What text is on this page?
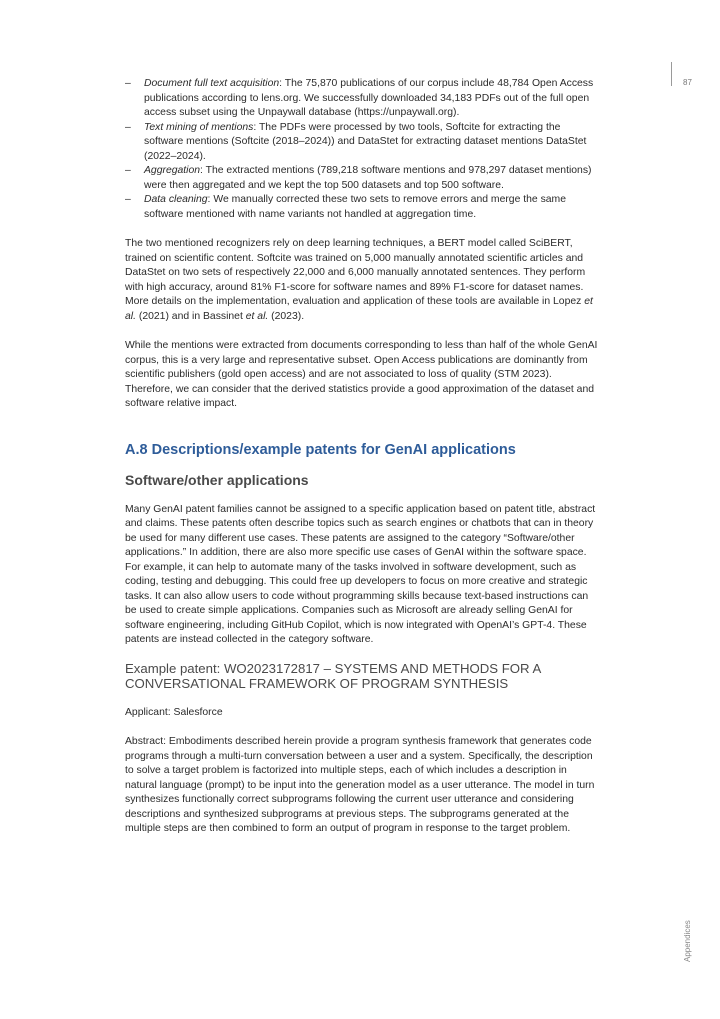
87
Appendices
– Document full text acquisition: The 75,870 publications of our corpus include 48,784 Open Access publications according to lens.org. We successfully downloaded 34,183 PDFs out of the full open access subset using the Unpaywall database (https://unpaywall.org).
– Text mining of mentions: The PDFs were processed by two tools, Softcite for extracting the software mentions (Softcite (2018–2024)) and DataStet for extracting dataset mentions DataStet (2022–2024).
– Aggregation: The extracted mentions (789,218 software mentions and 978,297 dataset mentions) were then aggregated and we kept the top 500 datasets and top 500 software.
– Data cleaning: We manually corrected these two sets to remove errors and merge the same software mentioned with name variants not handled at aggregation time.

The two mentioned recognizers rely on deep learning techniques, a BERT model called SciBERT, trained on scientific content. Softcite was trained on 5,000 manually annotated scientific articles and DataStet on two sets of respectively 22,000 and 6,000 manually annotated sentences. They perform with high accuracy, around 81% F1-score for software names and 89% F1-score for dataset names. More details on the implementation, evaluation and application of these tools are available in Lopez et al. (2021) and in Bassinet et al. (2023).

While the mentions were extracted from documents corresponding to less than half of the whole GenAI corpus, this is a very large and representative subset. Open Access publications are dominantly from scientific publishers (gold open access) and are not associated to loss of quality (STM 2023). Therefore, we can consider that the derived statistics provide a good approximation of the dataset and software relative impact.

A.8 Descriptions/example patents for GenAI applications
Software/other applications

Many GenAI patent families cannot be assigned to a specific application based on patent title, abstract and claims. These patents often describe topics such as search engines or chatbots that can in theory be used for many different use cases. These patents are assigned to the category “Software/other applications.” In addition, there are also more specific use cases of GenAI within the software space. For example, it can help to automate many of the tasks involved in software development, such as coding, testing and debugging. This could free up developers to focus on more creative and strategic tasks. It can also allow users to code without programming skills because text-based instructions can be used to create simple applications. Companies such as Microsoft are already selling GenAI for software engineering, including GitHub Copilot, which is now integrated with OpenAI’s GPT-4. These patents are instead collected in the category software.

Example patent: WO2023172817 – SYSTEMS AND METHODS FOR A CONVERSATIONAL FRAMEWORK OF PROGRAM SYNTHESIS

Applicant: Salesforce

Abstract: Embodiments described herein provide a program synthesis framework that generates code programs through a multi-turn conversation between a user and a system. Specifically, the description to solve a target problem is factorized into multiple steps, each of which includes a description in natural language (prompt) to be input into the generation model as a user utterance. The model in turn synthesizes functionally correct subprograms following the current user utterance and considering descriptions and synthesized subprograms at previous steps. The subprograms generated at the multiple steps are then combined to form an output of program in response to the target problem.
